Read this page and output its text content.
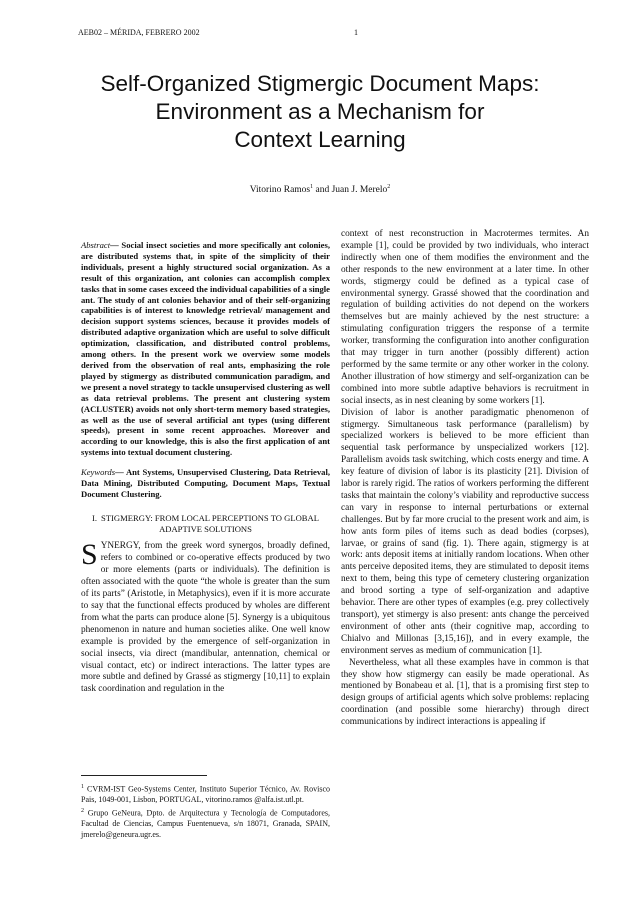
AEB02 – MÉRIDA, FEBRERO 2002	1
Self-Organized Stigmergic Document Maps:
Environment as a Mechanism for
Context Learning
Vitorino Ramos$^1$ and Juan J. Merelo$^2$

Abstract— Social insect societies and more specifically ant colonies, are distributed systems that, in spite of the simplicity of their individuals, present a highly structured social organization. As a result of this organization, ant colonies can accomplish complex tasks that in some cases exceed the individual capabilities of a single ant. The study of ant colonies behavior and of their self-organizing capabilities is of interest to knowledge retrieval/ management and decision support systems sciences, because it provides models of distributed adaptive organization which are useful to solve difficult optimization, classification, and distributed control problems, among others. In the present work we overview some models derived from the observation of real ants, emphasizing the role played by stigmergy as distributed communication paradigm, and we present a novel strategy to tackle unsupervised clustering as well as data retrieval problems. The present ant clustering system (ACLUSTER) avoids not only short-term memory based strategies, as well as the use of several artificial ant types (using different speeds), present in some recent approaches. Moreover and according to our knowledge, this is also the first application of ant systems into textual document clustering.

Keywords— Ant Systems, Unsupervised Clustering, Data Retrieval, Data Mining, Distributed Computing, Document Maps, Textual Document Clustering.

I. STIGMERGY: FROM LOCAL PERCEPTIONS TO GLOBAL
ADAPTIVE SOLUTIONS

SYNERGY, from the greek word synergos, broadly defined, refers to combined or co-operative effects produced by two or more elements (parts or individuals). The definition is often associated with the quote “the whole is greater than the sum of its parts” (Aristotle, in Metaphysics), even if it is more accurate to say that the functional effects produced by wholes are different from what the parts can produce alone [5]. Synergy is a ubiquitous phenomenon in nature and human societies alike. One well know example is provided by the emergence of self-organization in social insects, via direct (mandibular, antennation, chemical or visual contact, etc) or indirect interactions. The latter types are more subtle and defined by Grassé as stigmergy [10,11] to explain task coordination and regulation in the

context of nest reconstruction in Macrotermes termites. An example [1], could be provided by two individuals, who interact indirectly when one of them modifies the environment and the other responds to the new environment at a later time. In other words, stigmergy could be defined as a typical case of environmental synergy. Grassé showed that the coordination and regulation of building activities do not depend on the workers themselves but are mainly achieved by the nest structure: a stimulating configuration triggers the response of a termite worker, transforming the configuration into another configuration that may trigger in turn another (possibly different) action performed by the same termite or any other worker in the colony. Another illustration of how stimergy and self-organization can be combined into more subtle adaptive behaviors is recruitment in social insects, as in nest cleaning by some workers [1].

Division of labor is another paradigmatic phenomenon of stigmergy. Simultaneous task performance (parallelism) by specialized workers is believed to be more efficient than sequential task performance by unspecialized workers [12]. Parallelism avoids task switching, which costs energy and time. A key feature of division of labor is its plasticity [21]. Division of labor is rarely rigid. The ratios of workers performing the different tasks that maintain the colony’s viability and reproductive success can vary in response to internal perturbations or external challenges. But by far more crucial to the present work and aim, is how ants form piles of items such as dead bodies (corpses), larvae, or grains of sand (fig. 1). There again, stigmergy is at work: ants deposit items at initially random locations. When other ants perceive deposited items, they are stimulated to deposit items next to them, being this type of cemetery clustering organization and brood sorting a type of self-organization and adaptive behavior. There are other types of examples (e.g. prey collectively transport), yet stimergy is also present: ants change the perceived environment of other ants (their cognitive map, according to Chialvo and Millonas [3,15,16]), and in every example, the environment serves as medium of communication [1].

Nevertheless, what all these examples have in common is that they show how stigmergy can easily be made operational. As mentioned by Bonabeau et al. [1], that is a promising first step to design groups of artificial agents which solve problems: replacing coordination (and possible some hierarchy) through direct communications by indirect interactions is appealing if

$^1$ CVRM-IST Geo-Systems Center, Instituto Superior Técnico, Av. Rovisco Pais, 1049-001, Lisbon, PORTUGAL, vitorino.ramos @alfa.ist.utl.pt.

$^2$ Grupo GeNeura, Dpto. de Arquitectura y Tecnología de Computadores, Facultad de Ciencias, Campus Fuentenueva, s/n 18071, Granada, SPAIN, jmerelo@geneura.ugr.es.
